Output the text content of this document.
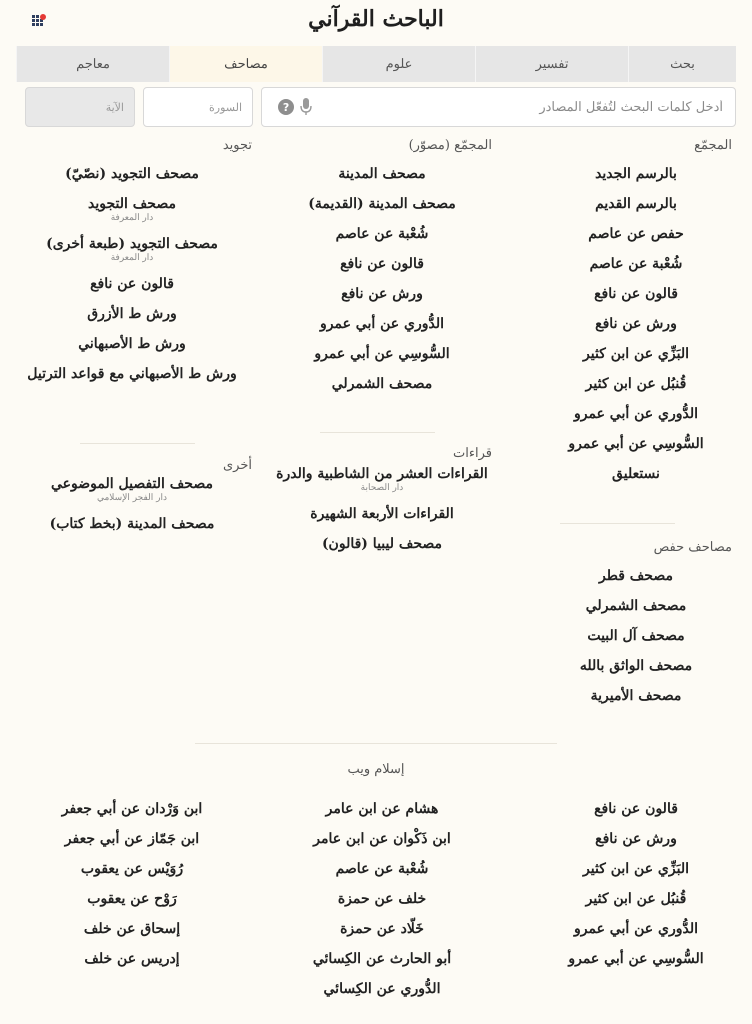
الباحث القرآني
بحث
تفسير
علوم
مصاحف
معاجم
أدخل كلمات البحث لتُفعّل المصادر
?
السورة
الآية
المجمّع
بالرسم الجديد
بالرسم القديم
حفص عن عاصم
شُعْبة عن عاصم
قالون عن نافع
ورش عن نافع
البَزِّي عن ابن كثير
قُنبُل عن ابن كثير
الدُّوري عن أبي عمرو
السُّوسِي عن أبي عمرو
نستعليق
مصاحف حفص
مصحف قطر
مصحف الشمرلي
مصحف آل البيت
مصحف الواثق بالله
مصحف الأميرية
المجمّع (مصوّر)
مصحف المدينة
مصحف المدينة (القديمة)
شُعْبة عن عاصم
قالون عن نافع
ورش عن نافع
الدُّوري عن أبي عمرو
السُّوسِي عن أبي عمرو
مصحف الشمرلي
قراءات
القراءات العشر من الشاطبية والدرة
دار الصحابة
القراءات الأربعة الشهيرة
مصحف ليبيا (قالون)
تجويد
مصحف التجويد (نصّيّ)
مصحف التجويد
دار المعرفة
مصحف التجويد (طبعة أخرى)
دار المعرفة
قالون عن نافع
ورش ط الأزرق
ورش ط الأصبهاني
ورش ط الأصبهاني مع قواعد الترتيل
أخرى
مصحف التفصيل الموضوعي
دار الفجر الإسلامي
مصحف المدينة (بخط كتاب)
إسلام ويب
قالون عن نافع
ورش عن نافع
البَزِّي عن ابن كثير
قُنبُل عن ابن كثير
الدُّوري عن أبي عمرو
السُّوسِي عن أبي عمرو
هشام عن ابن عامر
ابن ذَكْوان عن ابن عامر
شُعْبة عن عاصم
خلف عن حمزة
خَلّاد عن حمزة
أبو الحارث عن الكِسائي
الدُّوري عن الكِسائي
ابن وَرْدان عن أبي جعفر
ابن جَمّاز عن أبي جعفر
رُوَيْس عن يعقوب
رَوْح عن يعقوب
إسحاق عن خلف
إدريس عن خلف
